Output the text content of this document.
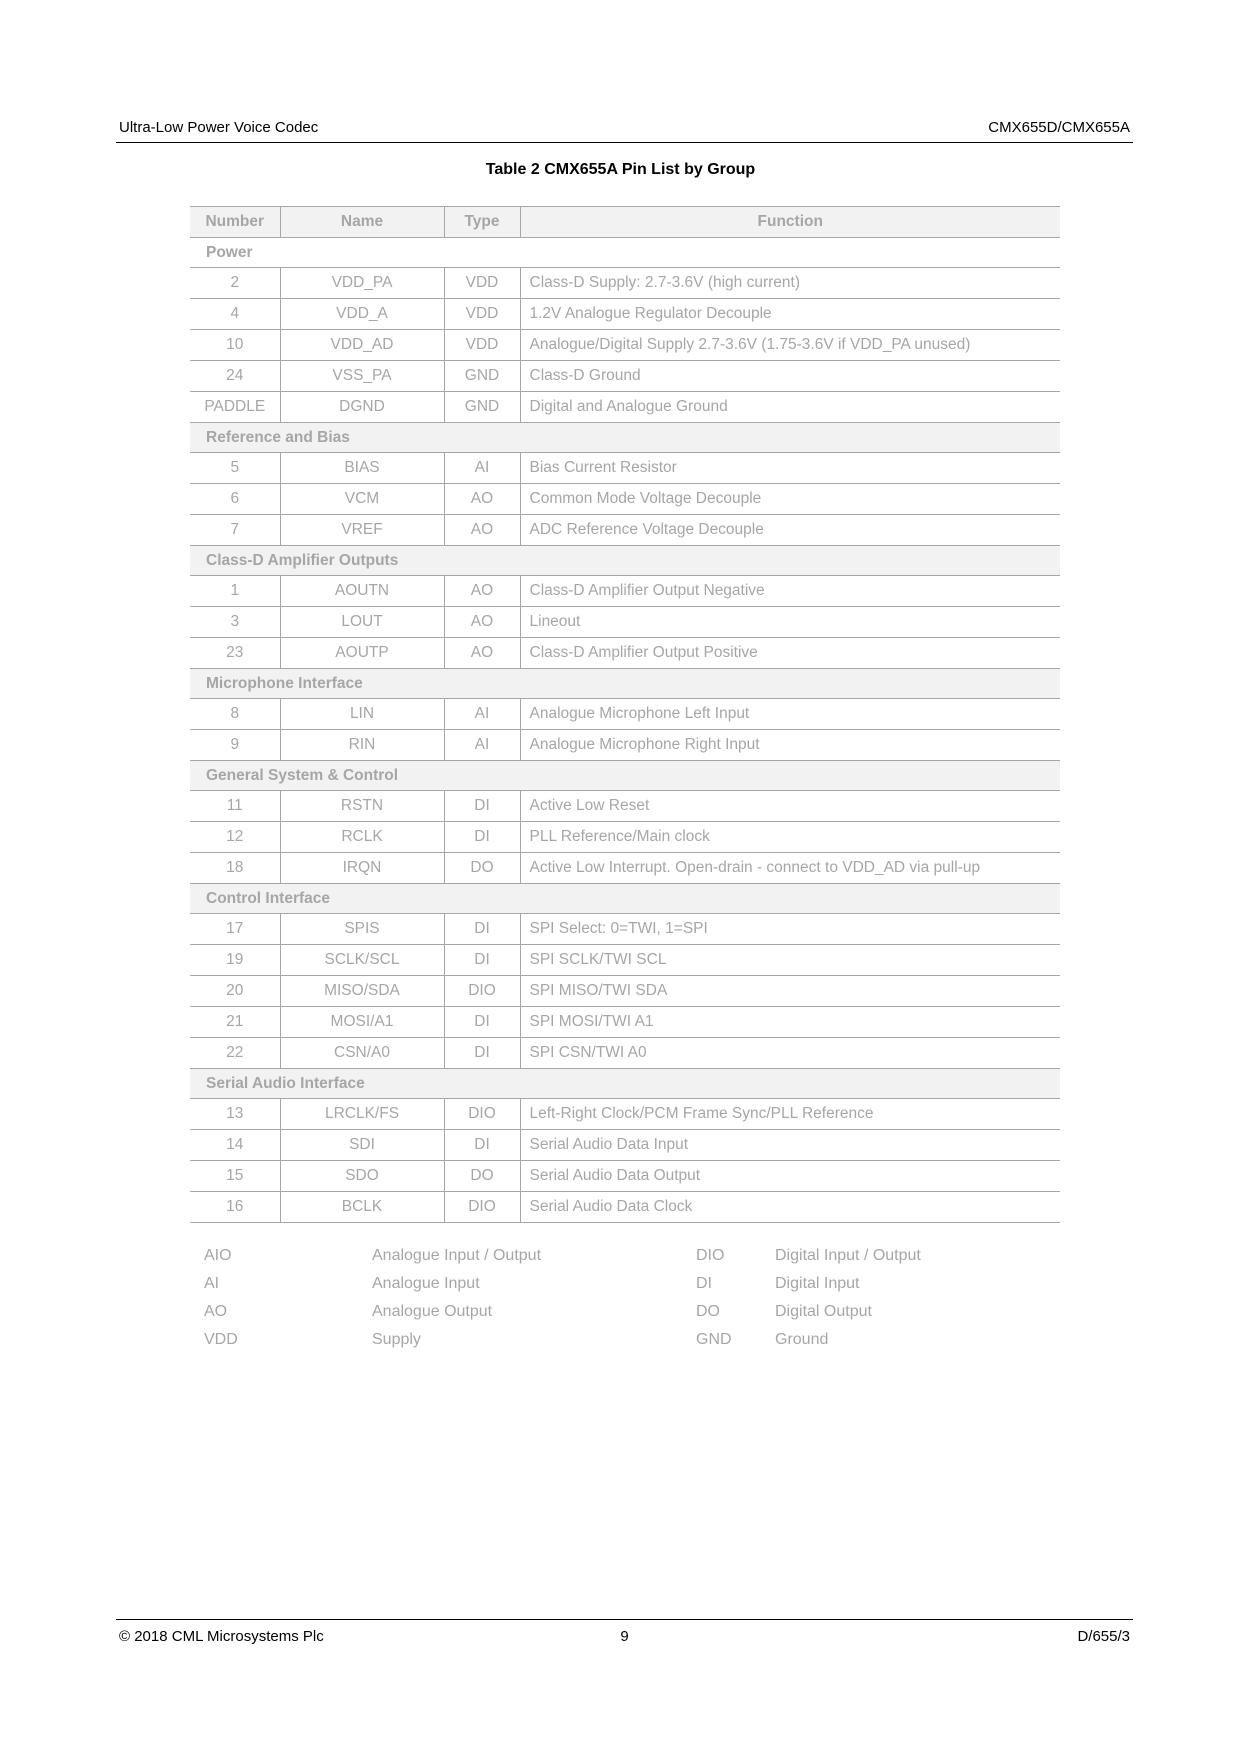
Ultra-Low Power Voice Codec	CMX655D/CMX655A
Table 2 CMX655A Pin List by Group
Number	Name	Type	Function
Power			
2	VDD_PA	VDD	Class-D Supply: 2.7-3.6V (high current)
4	VDD_A	VDD	1.2V Analogue Regulator Decouple
10	VDD_AD	VDD	Analogue/Digital Supply 2.7-3.6V (1.75-3.6V if VDD_PA unused)
24	VSS_PA	GND	Class-D Ground
PADDLE	DGND	GND	Digital and Analogue Ground
Reference and Bias			
5	BIAS	AI	Bias Current Resistor
6	VCM	AO	Common Mode Voltage Decouple
7	VREF	AO	ADC Reference Voltage Decouple
Class-D Amplifier Outputs			
1	AOUTN	AO	Class-D Amplifier Output Negative
3	LOUT	AO	Lineout
23	AOUTP	AO	Class-D Amplifier Output Positive
Microphone Interface			
8	LIN	AI	Analogue Microphone Left Input
9	RIN	AI	Analogue Microphone Right Input
General System & Control			
11	RSTN	DI	Active Low Reset
12	RCLK	DI	PLL Reference/Main clock
18	IRQN	DO	Active Low Interrupt. Open-drain - connect to VDD_AD via pull-up
Control Interface			
17	SPIS	DI	SPI Select: 0=TWI, 1=SPI
19	SCLK/SCL	DI	SPI SCLK/TWI SCL
20	MISO/SDA	DIO	SPI MISO/TWI SDA
21	MOSI/A1	DI	SPI MOSI/TWI A1
22	CSN/A0	DI	SPI CSN/TWI A0
Serial Audio Interface			
13	LRCLK/FS	DIO	Left-Right Clock/PCM Frame Sync/PLL Reference
14	SDI	DI	Serial Audio Data Input
15	SDO	DO	Serial Audio Data Output
16	BCLK	DIO	Serial Audio Data Clock
AIO	Analogue Input / Output	DIO	Digital Input / Output
AI	Analogue Input	DI	Digital Input
AO	Analogue Output	DO	Digital Output
VDD	Supply	GND	Ground
© 2018 CML Microsystems Plc	9	D/655/3
